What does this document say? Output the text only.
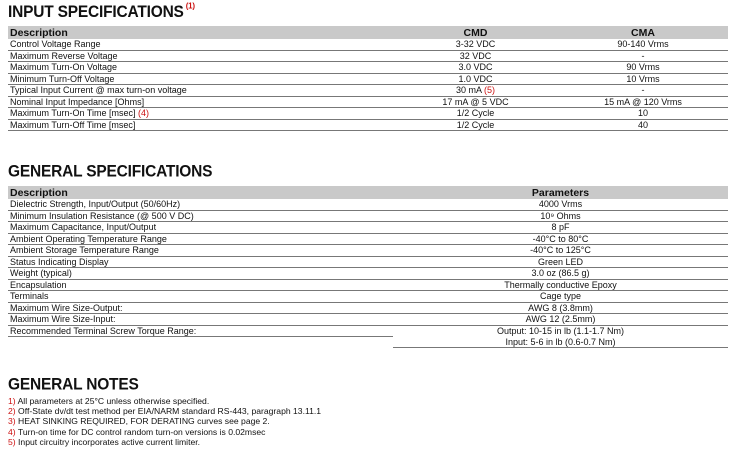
INPUT SPECIFICATIONS $^{(1)}$
Description	CMD	CMA
Control Voltage Range	3-32 VDC	90-140 Vrms
Maximum Reverse Voltage	32 VDC	-
Maximum Turn-On Voltage	3.0 VDC	90 Vrms
Minimum Turn-Off Voltage	1.0 VDC	10 Vrms
Typical Input Current @ max turn-on voltage	30 mA (5)	-
Nominal Input Impedance [Ohms]	17 mA @ 5 VDC	15 mA @ 120 Vrms
Maximum Turn-On Time [msec] (4)	1/2 Cycle	10
Maximum Turn-Off Time [msec]	1/2 Cycle	40
GENERAL SPECIFICATIONS
Description	Parameters
Dielectric Strength, Input/Output (50/60Hz)	4000 Vrms
Minimum Insulation Resistance (@ 500 V DC)	10⁹ Ohms
Maximum Capacitance, Input/Output	8 pF
Ambient Operating Temperature Range	-40°C to 80°C
Ambient Storage Temperature Range	-40°C to 125°C
Status Indicating Display	Green LED
Weight (typical)	3.0 oz (86.5 g)
Encapsulation	Thermally conductive Epoxy
Terminals	Cage type
Maximum Wire Size-Output:	AWG 8 (3.8mm)
Maximum Wire Size-Input:	AWG 12 (2.5mm)
Recommended Terminal Screw Torque Range:	Output: 10-15 in lb (1.1-1.7 Nm)
	Input: 5-6 in lb (0.6-0.7 Nm)
GENERAL NOTES
1) All parameters at 25°C unless otherwise specified.
2) Off-State dv/dt test method per EIA/NARM standard RS-443, paragraph 13.11.1
3) HEAT SINKING REQUIRED, FOR DERATING curves see page 2.
4) Turn-on time for DC control random turn-on versions is 0.02msec
5) Input circuitry incorporates active current limiter.
